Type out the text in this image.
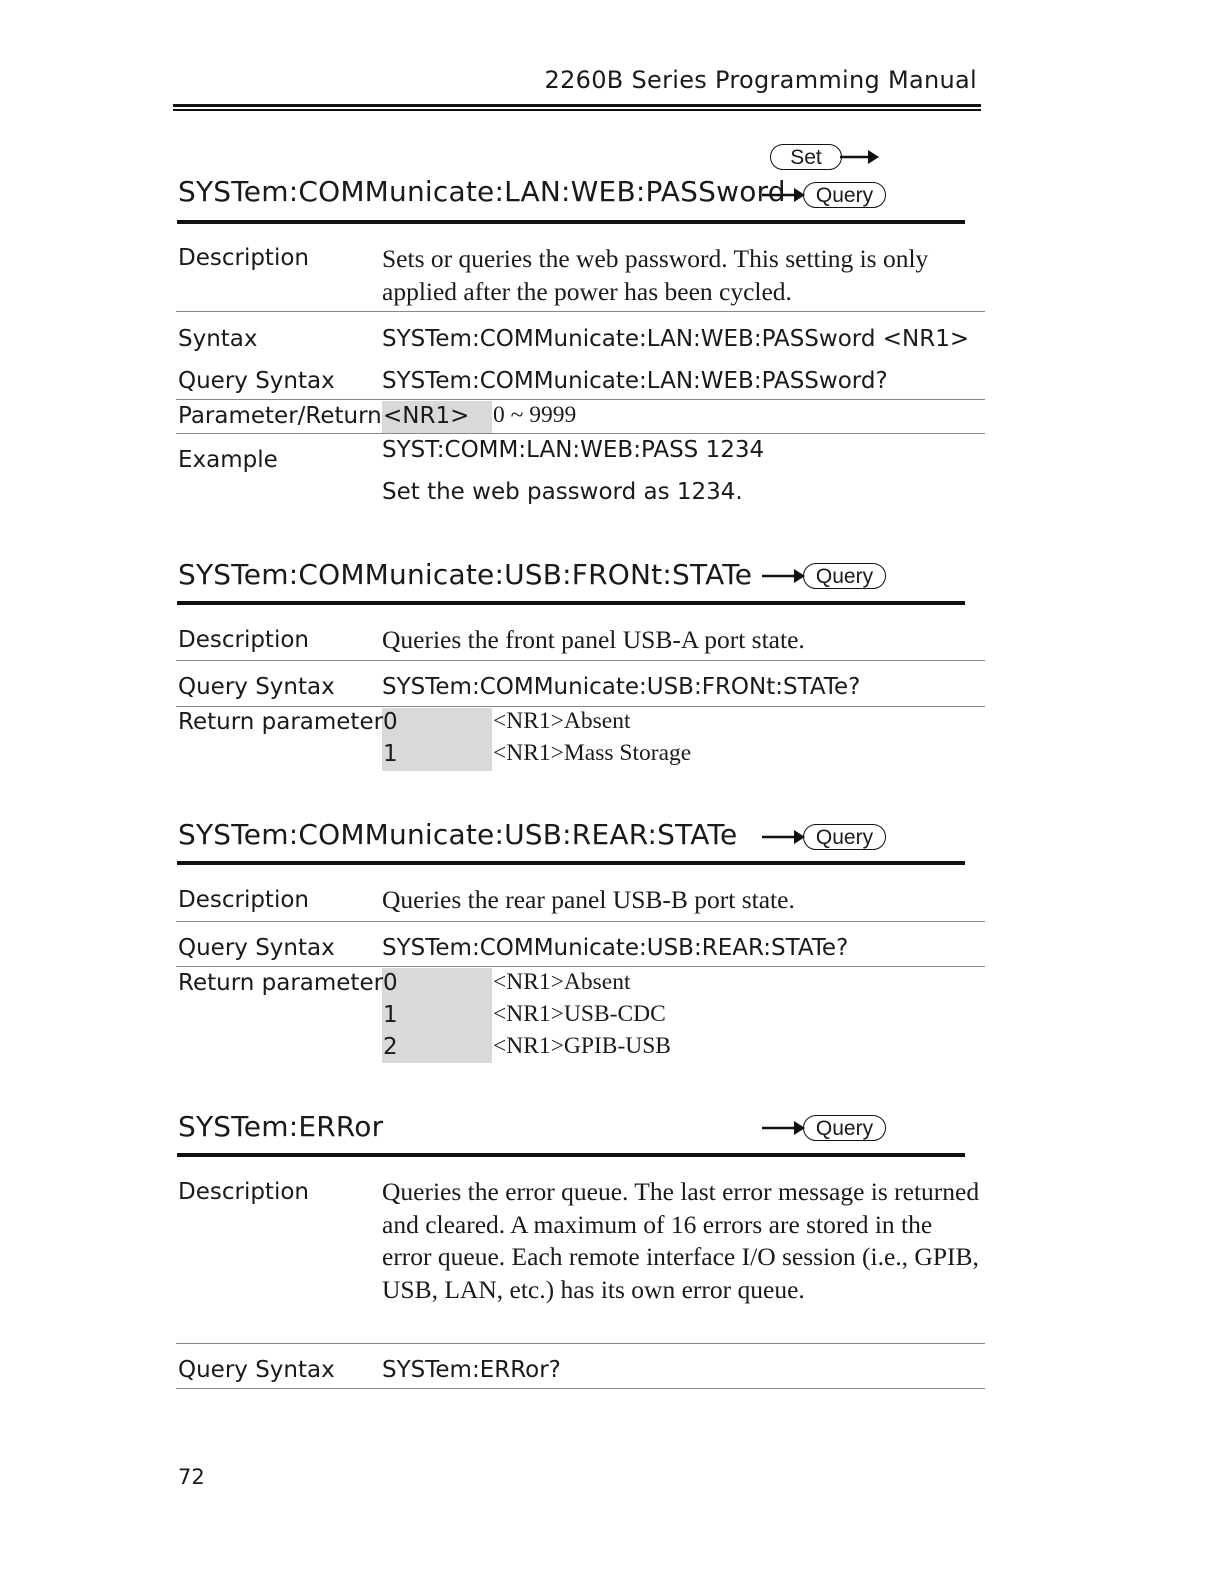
2260B Series Programming Manual
Set
Query
SYSTem:COMMunicate:LAN:WEB:PASSword
Description	Sets or queries the web password. This setting is only applied after the power has been cycled.
Syntax	SYSTem:COMMunicate:LAN:WEB:PASSword <NR1>
Query Syntax SYSTem:COMMunicate:LAN:WEB:PASSword?
Parameter/Return <NR1> 0 ~ 9999
Example	SYST:COMM:LAN:WEB:PASS 1234
Set the web password as 1234.
Query
SYSTem:COMMunicate:USB:FRONt:STATe
Description	Queries the front panel USB-A port state.
Query Syntax SYSTem:COMMunicate:USB:FRONt:STATe?
Return parameter 0	<NR1>Absent
1	<NR1>Mass Storage
Query
SYSTem:COMMunicate:USB:REAR:STATe
Description	Queries the rear panel USB-B port state.
Query Syntax SYSTem:COMMunicate:USB:REAR:STATe?
Return parameter 0	<NR1>Absent
1	<NR1>USB-CDC
2	<NR1>GPIB-USB
Query
SYSTem:ERRor
Description	Queries the error queue. The last error message is returned and cleared. A maximum of 16 errors are stored in the error queue. Each remote interface I/O session (i.e., GPIB, USB, LAN, etc.) has its own error queue.
Query Syntax SYSTem:ERRor?
72
